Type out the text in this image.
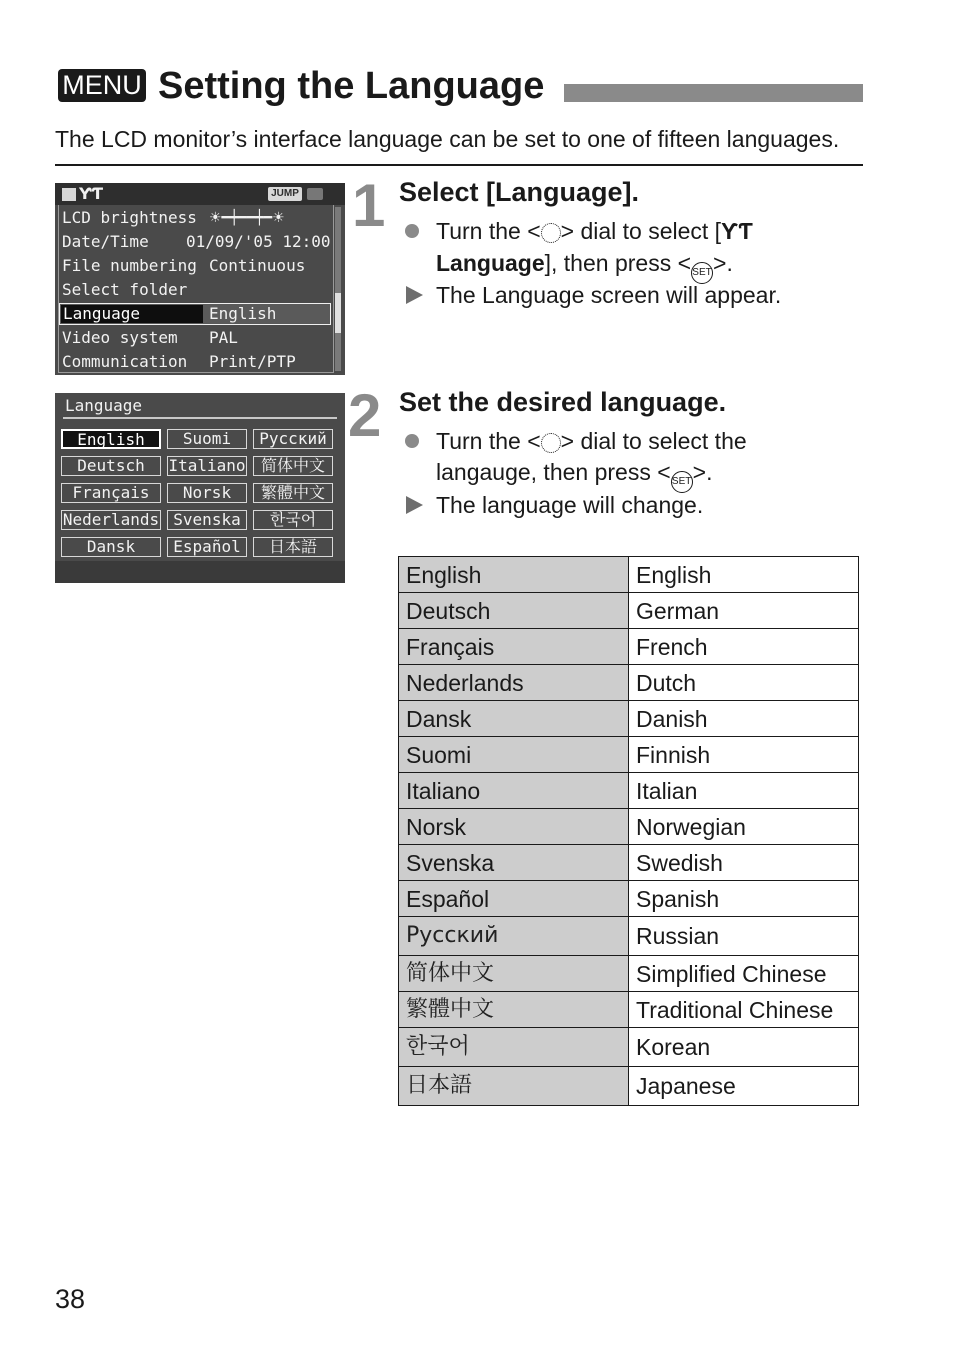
MENU Setting the Language
The LCD monitor’s interface language can be set to one of fifteen languages.
ƳƬ	JUMP
LCD brightness ☀━┿━━┿━☀
Date/Time 01/09/'05 12:00
File numbering Continuous
Select folder
Language	English
Video system PAL
Communication Print/PTP
Language
English	Suomi	Русский
Deutsch	Italiano 简体中文
Français	Norsk	繁體中文
Nederlands Svenska	한국어
Dansk	Español	日本語
1 Select [Language].
Turn the < > dial to select [ƳƬ
Language], then press <SET>.
The Language screen will appear.
2 Set the desired language.
Turn the < > dial to select the
langauge, then press <SET>.
The language will change.
English	English
Deutsch	German
Français	French
Nederlands	Dutch
Dansk	Danish
Suomi	Finnish
Italiano	Italian
Norsk	Norwegian
Svenska	Swedish
Español	Spanish
Русский	Russian
简体中文	Simplified Chinese
繁體中文	Traditional Chinese
한국어	Korean
日本語	Japanese
38
